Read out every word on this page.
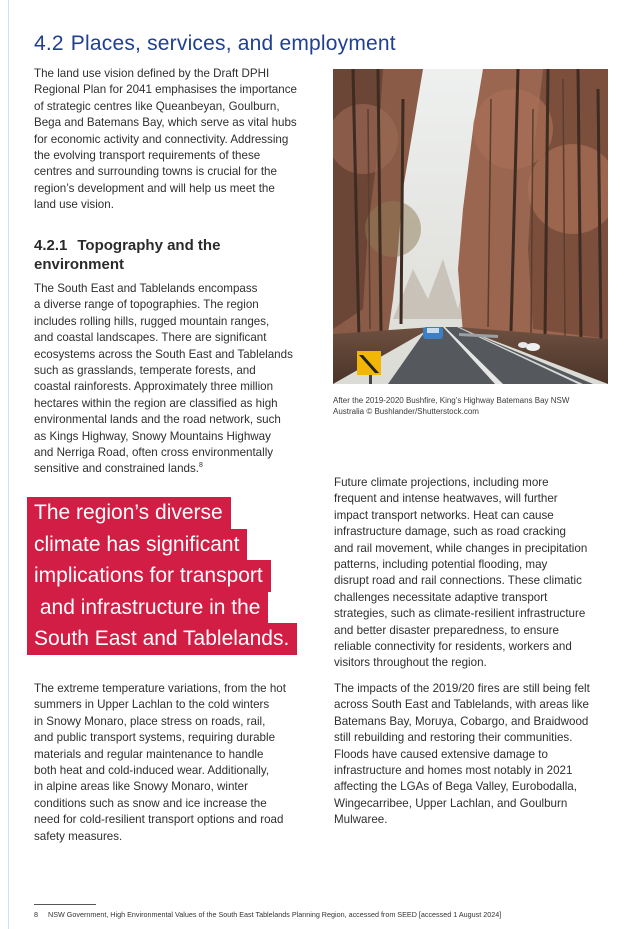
4.2 Places, services, and employment

The land use vision defined by the Draft DPHI
Regional Plan for 2041 emphasises the importance
of strategic centres like Queanbeyan, Goulburn,
Bega and Batemans Bay, which serve as vital hubs
for economic activity and connectivity. Addressing
the evolving transport requirements of these
centres and surrounding towns is crucial for the
region’s development and will help us meet the
land use vision.

4.2.1 Topography and the environment

The South East and Tablelands encompass
a diverse range of topographies. The region
includes rolling hills, rugged mountain ranges,
and coastal landscapes. There are significant
ecosystems across the South East and Tablelands
such as grasslands, temperate forests, and
coastal rainforests. Approximately three million
hectares within the region are classified as high
environmental lands and the road network, such
as Kings Highway, Snowy Mountains Highway
and Nerriga Road, often cross environmentally
sensitive and constrained lands.$^8$

After the 2019-2020 Bushfire, King’s Highway Batemans Bay NSW
Australia © Bushlander/Shutterstock.com

The region’s diverse
climate has significant
implications for transport
and infrastructure in the
South East and Tablelands.

The extreme temperature variations, from the hot
summers in Upper Lachlan to the cold winters
in Snowy Monaro, place stress on roads, rail,
and public transport systems, requiring durable
materials and regular maintenance to handle
both heat and cold-induced wear. Additionally,
in alpine areas like Snowy Monaro, winter
conditions such as snow and ice increase the
need for cold-resilient transport options and road
safety measures.

Future climate projections, including more
frequent and intense heatwaves, will further
impact transport networks. Heat can cause
infrastructure damage, such as road cracking
and rail movement, while changes in precipitation
patterns, including potential flooding, may
disrupt road and rail connections. These climatic
challenges necessitate adaptive transport
strategies, such as climate-resilient infrastructure
and better disaster preparedness, to ensure
reliable connectivity for residents, workers and
visitors throughout the region.

The impacts of the 2019/20 fires are still being felt
across South East and Tablelands, with areas like
Batemans Bay, Moruya, Cobargo, and Braidwood
still rebuilding and restoring their communities.
Floods have caused extensive damage to
infrastructure and homes most notably in 2021
affecting the LGAs of Bega Valley, Eurobodalla,
Wingecarribee, Upper Lachlan, and Goulburn
Mulwaree.

8 NSW Government, High Environmental Values of the South East Tablelands Planning Region, accessed from SEED [accessed 1 August 2024]
